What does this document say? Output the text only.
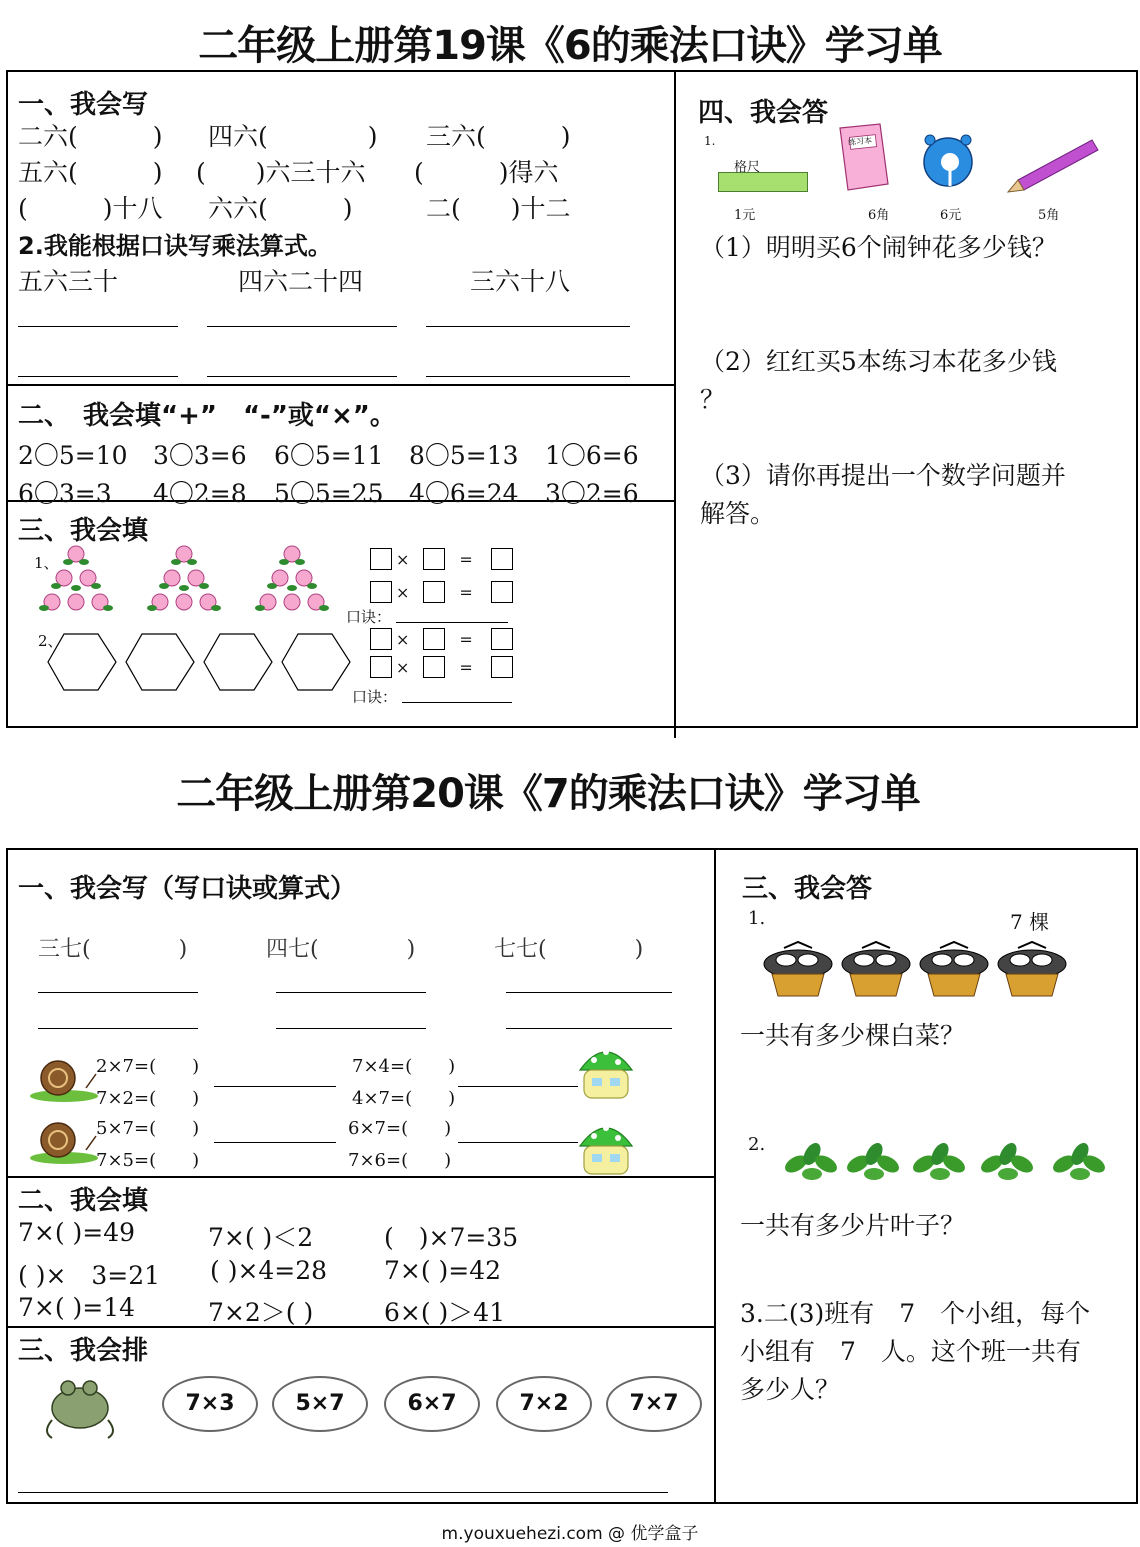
二年级上册第19课《6的乘法口诀》学习单
一、我会写
二六(　　　) 四六(　　　　) 三六(　　　)
五六(　　　) (　　)六三十六 (　　　)得六
(　　　)十八 六六(　　　)	二(　　)十二
2.我能根据口诀写乘法算式。
五六三十	四六二十四	三六十八
二、　我会填“+”　“-”或“×”。
2〇5=10 3〇3=6 6〇5=11 8〇5=13 1〇6=6
6〇3=3 4〇2=8 5〇5=25 4〇6=24 3〇2=6
三、我会填
1、
2、
×	=
×	=
口诀：
×	=
×	=
口诀：
四、我会答
1.
格尺
练习本
1元	6角	6元	5角
（1）明明买6个闹钟花多少钱？
（2）红红买5本练习本花多少钱
？
（3）请你再提出一个数学问题并
解答。
二年级上册第20课《7的乘法口诀》学习单
一、我会写（写口诀或算式）
三七(　　　　)	四七(　　　　)	七七(　　　　)
2×7=(　　)
7×2=(　　)
7×4=(　　)
4×7=(　　)
5×7=(　　)
7×5=(　　)
6×7=(　　)
7×6=(　　)
二、我会填
7×( )=49	7×( )＜2	(　)×7=35
( )×　3=21 ( )×4=28 7×( )=42
7×( )=14	7×2＞( )	6×( )＞41
三、我会排
7×3	5×7	6×7	7×2	7×7
三、我会答
1.	7 棵
一共有多少棵白菜？
2.
一共有多少片叶子？
3.二(3)班有　7　个小组，每个
小组有　7　人。这个班一共有
多少人？
m.youxuehezi.com @ 优学盒子
